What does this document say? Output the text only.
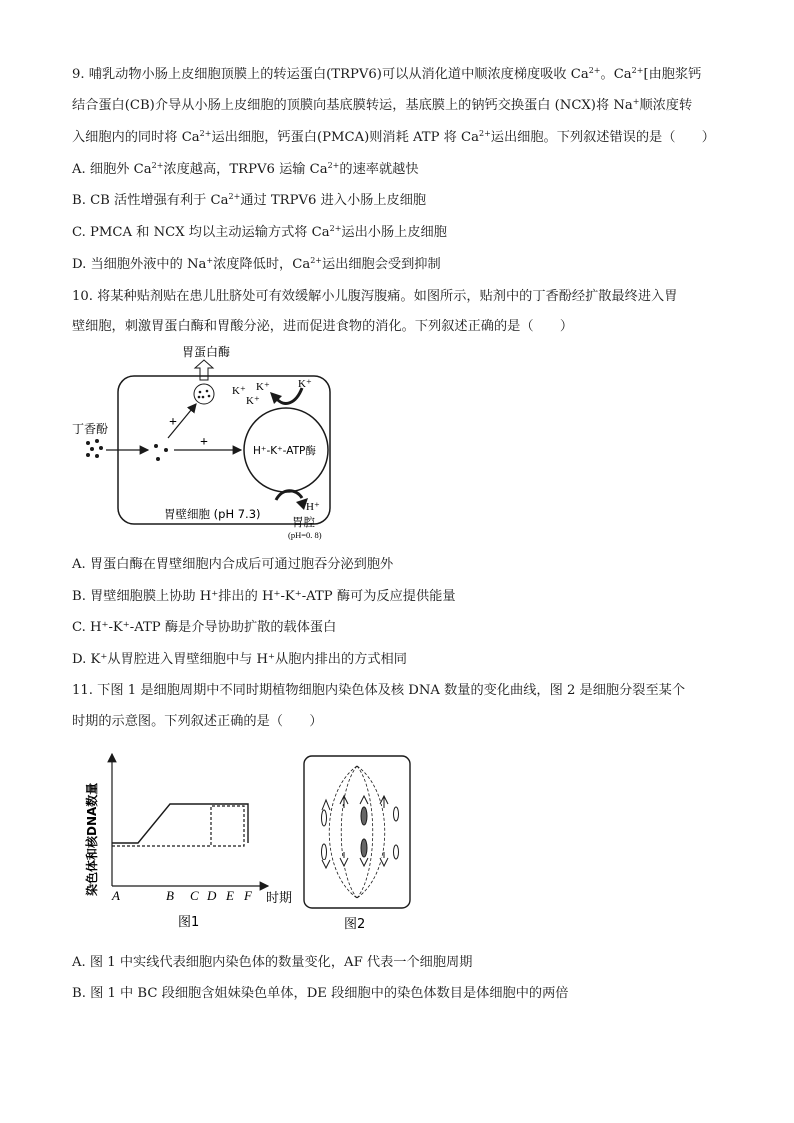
9. 哺乳动物小肠上皮细胞顶膜上的转运蛋白(TRPV6)可以从消化道中顺浓度梯度吸收 $Ca^{2+}$。$Ca^{2+}$[由胞浆钙
结合蛋白(CB)介导从小肠上皮细胞的顶膜向基底膜转运，基底膜上的钠钙交换蛋白 (NCX)将 Na+顺浓度转
入细胞内的同时将 $Ca^{2+}$运出细胞，钙蛋白(PMCA)则消耗 ATP 将 $Ca^{2+}$运出细胞。下列叙述错误的是（　　）
A. 细胞外 $Ca^{2+}$浓度越高，TRPV6 运输 $Ca^{2+}$的速率就越快
B. CB 活性增强有利于 $Ca^{2+}$通过 TRPV6 进入小肠上皮细胞
C. PMCA 和 NCX 均以主动运输方式将 $Ca^{2+}$运出小肠上皮细胞
D. 当细胞外液中的 Na+浓度降低时，$Ca^{2+}$运出细胞会受到抑制
10. 将某种贴剂贴在患儿肚脐处可有效缓解小儿腹泻腹痛。如图所示，贴剂中的丁香酚经扩散最终进入胃
壁细胞，刺激胃蛋白酶和胃酸分泌，进而促进食物的消化。下列叙述正确的是（　　）
胃蛋白酶
丁香酚	+
+
H⁺-K⁺-ATP酶
K⁺ K⁺
K⁺
K⁺
H⁺
胃壁细胞 (pH 7.3)
胃腔
(pH=0. 8)
A. 胃蛋白酶在胃壁细胞内合成后可通过胞吞分泌到胞外
B. 胃壁细胞膜上协助 H⁺排出的 H⁺-K⁺-ATP 酶可为反应提供能量
C. H⁺-K⁺-ATP 酶是介导协助扩散的载体蛋白
D. K⁺从胃腔进入胃壁细胞中与 H⁺从胞内排出的方式相同
11. 下图 1 是细胞周期中不同时期植物细胞内染色体及核 DNA 数量的变化曲线，图 2 是细胞分裂至某个
时期的示意图。下列叙述正确的是（　　）
染色体和核DNA数量
时期
A	B C D E F
图1	图2
A. 图 1 中实线代表细胞内染色体的数量变化，AF 代表一个细胞周期
B. 图 1 中 BC 段细胞含姐妹染色单体，DE 段细胞中的染色体数目是体细胞中的两倍
